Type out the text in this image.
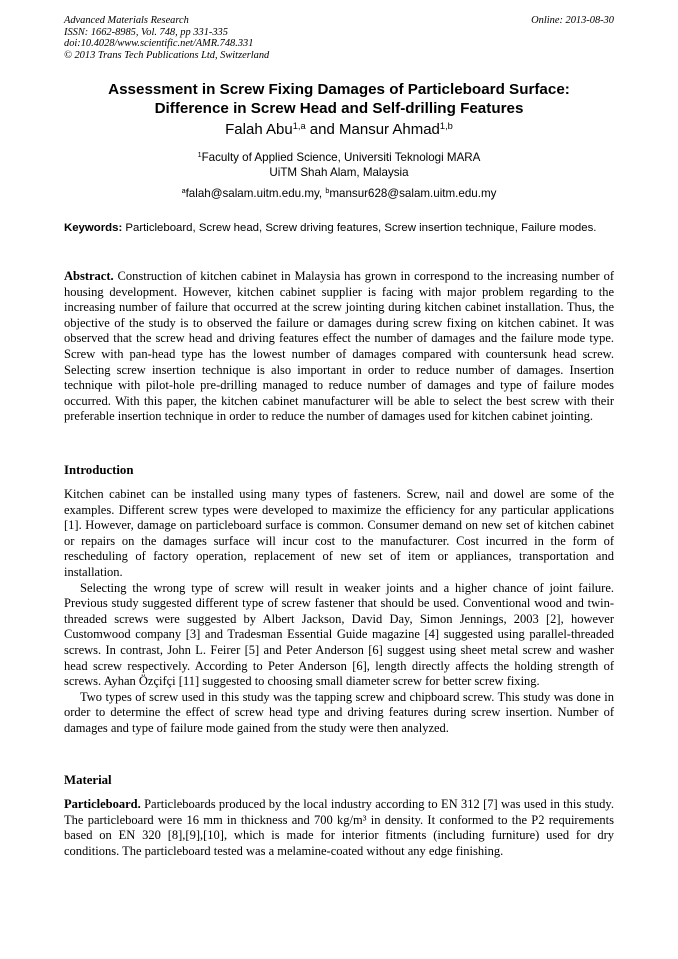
Advanced Materials Research
ISSN: 1662-8985, Vol. 748, pp 331-335
doi:10.4028/www.scientific.net/AMR.748.331
© 2013 Trans Tech Publications Ltd, Switzerland
Online: 2013-08-30
Assessment in Screw Fixing Damages of Particleboard Surface:
Difference in Screw Head and Self-drilling Features
Falah Abu$^{1,a}$ and Mansur Ahmad$^{1,b}$
$^1$Faculty of Applied Science, Universiti Teknologi MARA
UiTM Shah Alam, Malaysia
$^a$falah@salam.uitm.edu.my, $^b$mansur628@salam.uitm.edu.my
Keywords: Particleboard, Screw head, Screw driving features, Screw insertion technique, Failure modes.
Abstract. Construction of kitchen cabinet in Malaysia has grown in correspond to the increasing number of housing development. However, kitchen cabinet supplier is facing with major problem regarding to the increasing number of failure that occurred at the screw jointing during kitchen cabinet installation. Thus, the objective of the study is to observed the failure or damages during screw fixing on kitchen cabinet. It was observed that the screw head and driving features effect the number of damages and the failure mode type. Screw with pan-head type has the lowest number of damages compared with countersunk head screw. Selecting screw insertion technique is also important in order to reduce number of damages. Insertion technique with pilot-hole pre-drilling managed to reduce number of damages and type of failure modes occurred. With this paper, the kitchen cabinet manufacturer will be able to select the best screw with their preferable insertion technique in order to reduce the number of damages used for kitchen cabinet jointing.
Introduction

Kitchen cabinet can be installed using many types of fasteners. Screw, nail and dowel are some of the examples. Different screw types were developed to maximize the efficiency for any particular applications [1]. However, damage on particleboard surface is common. Consumer demand on new set of kitchen cabinet or repairs on the damages surface will incur cost to the manufacturer. Cost incurred in the form of rescheduling of factory operation, replacement of new set of item or appliances, transportation and installation.

Selecting the wrong type of screw will result in weaker joints and a higher chance of joint failure. Previous study suggested different type of screw fastener that should be used. Conventional wood and twin-threaded screws were suggested by Albert Jackson, David Day, Simon Jennings, 2003 [2], however Customwood company [3] and Tradesman Essential Guide magazine [4] suggested using parallel-threaded screws. In contrast, John L. Feirer [5] and Peter Anderson [6] suggest using sheet metal screw and washer head screw respectively. According to Peter Anderson [6], length directly affects the holding strength of screws. Ayhan Özçifçi [11] suggested to choosing small diameter screw for better screw fixing.

Two types of screw used in this study was the tapping screw and chipboard screw. This study was done in order to determine the effect of screw head type and driving features during screw insertion. Number of damages and type of failure mode gained from the study were then analyzed.

Material
Particleboard. Particleboards produced by the local industry according to EN 312 [7] was used in this study. The particleboard were 16 mm in thickness and 700 kg/m³ in density. It conformed to the P2 requirements based on EN 320 [8],[9],[10], which is made for interior fitments (including furniture) used for dry conditions. The particleboard tested was a melamine-coated without any edge finishing.
